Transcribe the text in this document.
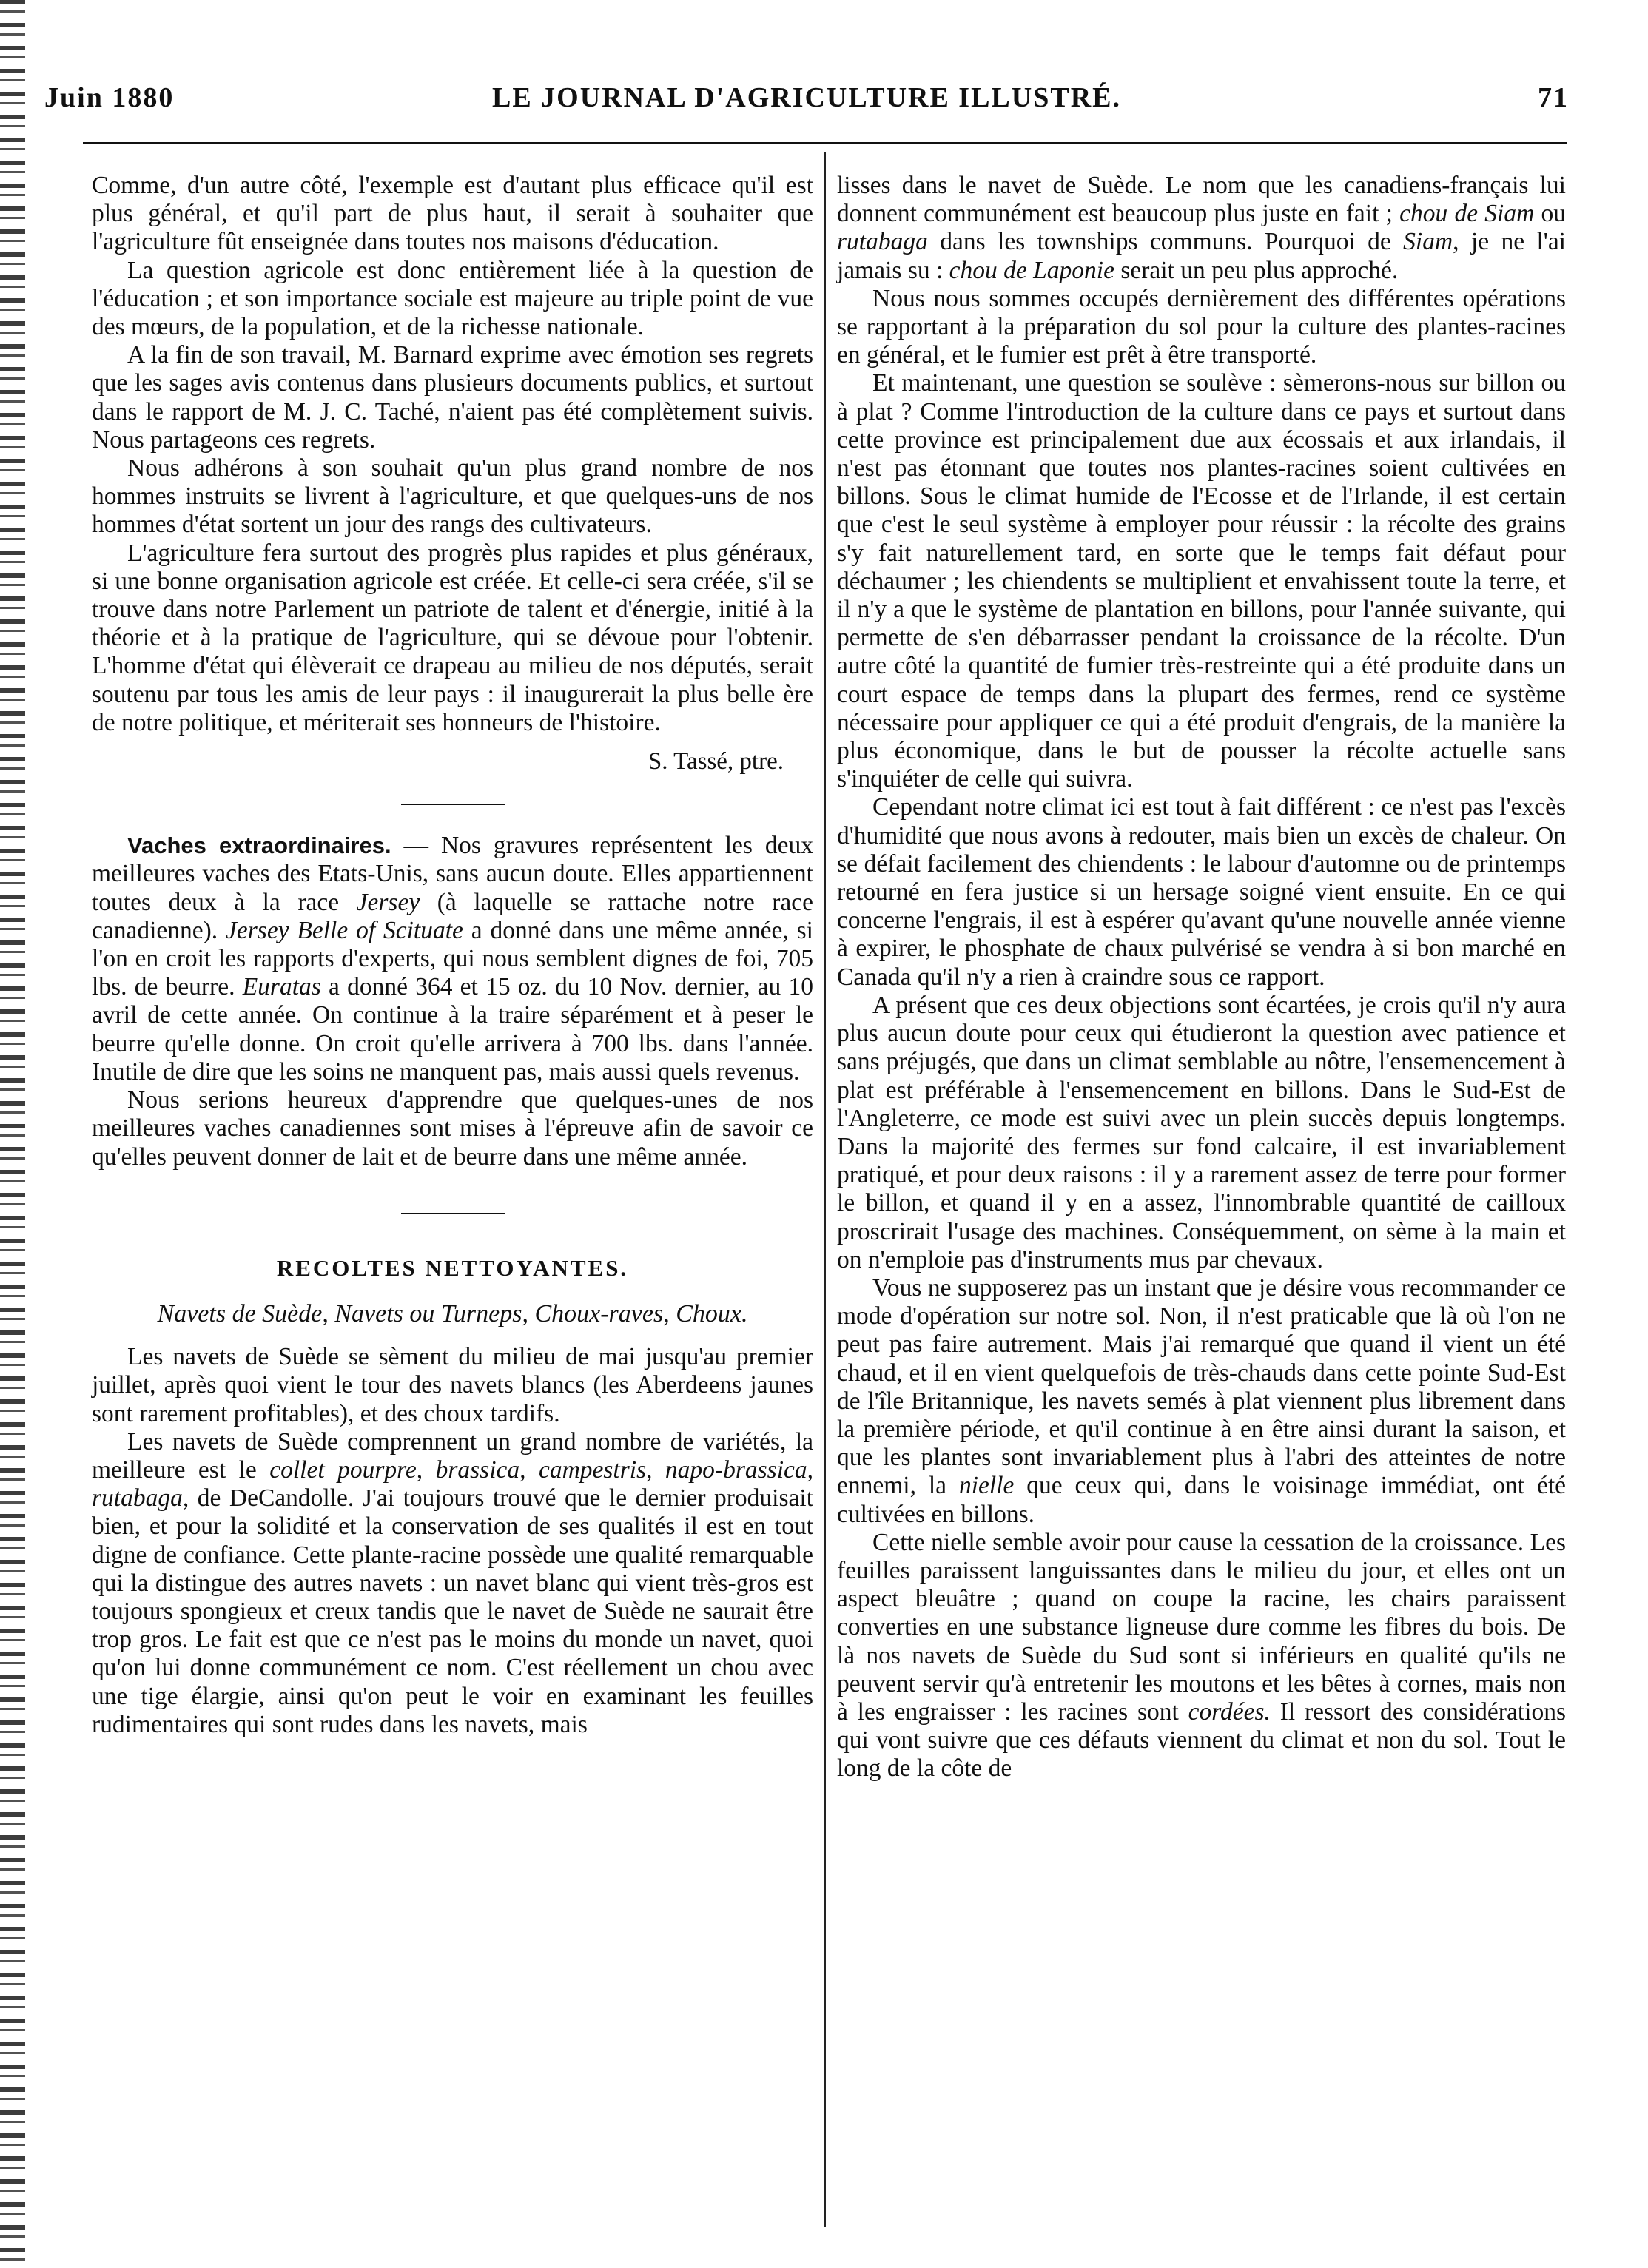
Juin 1880	LE JOURNAL D'AGRICULTURE ILLUSTRÉ.	71

Comme, d'un autre côté, l'exemple est d'autant plus efficace qu'il est plus général, et qu'il part de plus haut, il serait à souhaiter que l'agriculture fût enseignée dans toutes nos maisons d'éducation.

La question agricole est donc entièrement liée à la question de l'éducation ; et son importance sociale est majeure au triple point de vue des mœurs, de la population, et de la richesse nationale.

A la fin de son travail, M. Barnard exprime avec émotion ses regrets que les sages avis contenus dans plusieurs documents publics, et surtout dans le rapport de M. J. C. Taché, n'aient pas été complètement suivis. Nous partageons ces regrets.

Nous adhérons à son souhait qu'un plus grand nombre de nos hommes instruits se livrent à l'agriculture, et que quelques-uns de nos hommes d'état sortent un jour des rangs des cultivateurs.

L'agriculture fera surtout des progrès plus rapides et plus généraux, si une bonne organisation agricole est créée. Et celle-ci sera créée, s'il se trouve dans notre Parlement un patriote de talent et d'énergie, initié à la théorie et à la pratique de l'agriculture, qui se dévoue pour l'obtenir. L'homme d'état qui élèverait ce drapeau au milieu de nos députés, serait soutenu par tous les amis de leur pays : il inaugurerait la plus belle ère de notre politique, et mériterait ses honneurs de l'histoire.

S. Tassé, ptre.

Vaches extraordinaires. — Nos gravures représentent les deux meilleures vaches des Etats-Unis, sans aucun doute. Elles appartiennent toutes deux à la race Jersey (à laquelle se rattache notre race canadienne). Jersey Belle of Scituate a donné dans une même année, si l'on en croit les rapports d'experts, qui nous semblent dignes de foi, 705 lbs. de beurre. Euratas a donné 364 et 15 oz. du 10 Nov. dernier, au 10 avril de cette année. On continue à la traire séparément et à peser le beurre qu'elle donne. On croit qu'elle arrivera à 700 lbs. dans l'année. Inutile de dire que les soins ne manquent pas, mais aussi quels revenus.

Nous serions heureux d'apprendre que quelques-unes de nos meilleures vaches canadiennes sont mises à l'épreuve afin de savoir ce qu'elles peuvent donner de lait et de beurre dans une même année.

RECOLTES NETTOYANTES.
Navets de Suède, Navets ou Turneps, Choux-raves, Choux.

Les navets de Suède se sèment du milieu de mai jusqu'au premier juillet, après quoi vient le tour des navets blancs (les Aberdeens jaunes sont rarement profitables), et des choux tardifs.

Les navets de Suède comprennent un grand nombre de variétés, la meilleure est le collet pourpre, brassica, campestris, napo-brassica, rutabaga, de DeCandolle. J'ai toujours trouvé que le dernier produisait bien, et pour la solidité et la conservation de ses qualités il est en tout digne de confiance. Cette plante-racine possède une qualité remarquable qui la distingue des autres navets : un navet blanc qui vient très-gros est toujours spongieux et creux tandis que le navet de Suède ne saurait être trop gros. Le fait est que ce n'est pas le moins du monde un navet, quoi qu'on lui donne communément ce nom. C'est réellement un chou avec une tige élargie, ainsi qu'on peut le voir en examinant les feuilles rudimentaires qui sont rudes dans les navets, mais

lisses dans le navet de Suède. Le nom que les canadiens-français lui donnent communément est beaucoup plus juste en fait ; chou de Siam ou rutabaga dans les townships communs. Pourquoi de Siam, je ne l'ai jamais su : chou de Laponie serait un peu plus approché.

Nous nous sommes occupés dernièrement des différentes opérations se rapportant à la préparation du sol pour la culture des plantes-racines en général, et le fumier est prêt à être transporté.

Et maintenant, une question se soulève : sèmerons-nous sur billon ou à plat ? Comme l'introduction de la culture dans ce pays et surtout dans cette province est principalement due aux écossais et aux irlandais, il n'est pas étonnant que toutes nos plantes-racines soient cultivées en billons. Sous le climat humide de l'Ecosse et de l'Irlande, il est certain que c'est le seul système à employer pour réussir : la récolte des grains s'y fait naturellement tard, en sorte que le temps fait défaut pour déchaumer ; les chiendents se multiplient et envahissent toute la terre, et il n'y a que le système de plantation en billons, pour l'année suivante, qui permette de s'en débarrasser pendant la croissance de la récolte. D'un autre côté la quantité de fumier très-restreinte qui a été produite dans un court espace de temps dans la plupart des fermes, rend ce système nécessaire pour appliquer ce qui a été produit d'engrais, de la manière la plus économique, dans le but de pousser la récolte actuelle sans s'inquiéter de celle qui suivra.

Cependant notre climat ici est tout à fait différent : ce n'est pas l'excès d'humidité que nous avons à redouter, mais bien un excès de chaleur. On se défait facilement des chiendents : le labour d'automne ou de printemps retourné en fera justice si un hersage soigné vient ensuite. En ce qui concerne l'engrais, il est à espérer qu'avant qu'une nouvelle année vienne à expirer, le phosphate de chaux pulvérisé se vendra à si bon marché en Canada qu'il n'y a rien à craindre sous ce rapport.

A présent que ces deux objections sont écartées, je crois qu'il n'y aura plus aucun doute pour ceux qui étudieront la question avec patience et sans préjugés, que dans un climat semblable au nôtre, l'ensemencement à plat est préférable à l'ensemencement en billons. Dans le Sud-Est de l'Angleterre, ce mode est suivi avec un plein succès depuis longtemps. Dans la majorité des fermes sur fond calcaire, il est invariablement pratiqué, et pour deux raisons : il y a rarement assez de terre pour former le billon, et quand il y en a assez, l'innombrable quantité de cailloux proscrirait l'usage des machines. Conséquemment, on sème à la main et on n'emploie pas d'instruments mus par chevaux.

Vous ne supposerez pas un instant que je désire vous recommander ce mode d'opération sur notre sol. Non, il n'est praticable que là où l'on ne peut pas faire autrement. Mais j'ai remarqué que quand il vient un été chaud, et il en vient quelquefois de très-chauds dans cette pointe Sud-Est de l'île Britannique, les navets semés à plat viennent plus librement dans la première période, et qu'il continue à en être ainsi durant la saison, et que les plantes sont invariablement plus à l'abri des atteintes de notre ennemi, la nielle que ceux qui, dans le voisinage immédiat, ont été cultivées en billons.

Cette nielle semble avoir pour cause la cessation de la croissance. Les feuilles paraissent languissantes dans le milieu du jour, et elles ont un aspect bleuâtre ; quand on coupe la racine, les chairs paraissent converties en une substance ligneuse dure comme les fibres du bois. De là nos navets de Suède du Sud sont si inférieurs en qualité qu'ils ne peuvent servir qu'à entretenir les moutons et les bêtes à cornes, mais non à les engraisser : les racines sont cordées. Il ressort des considérations qui vont suivre que ces défauts viennent du climat et non du sol. Tout le long de la côte de
